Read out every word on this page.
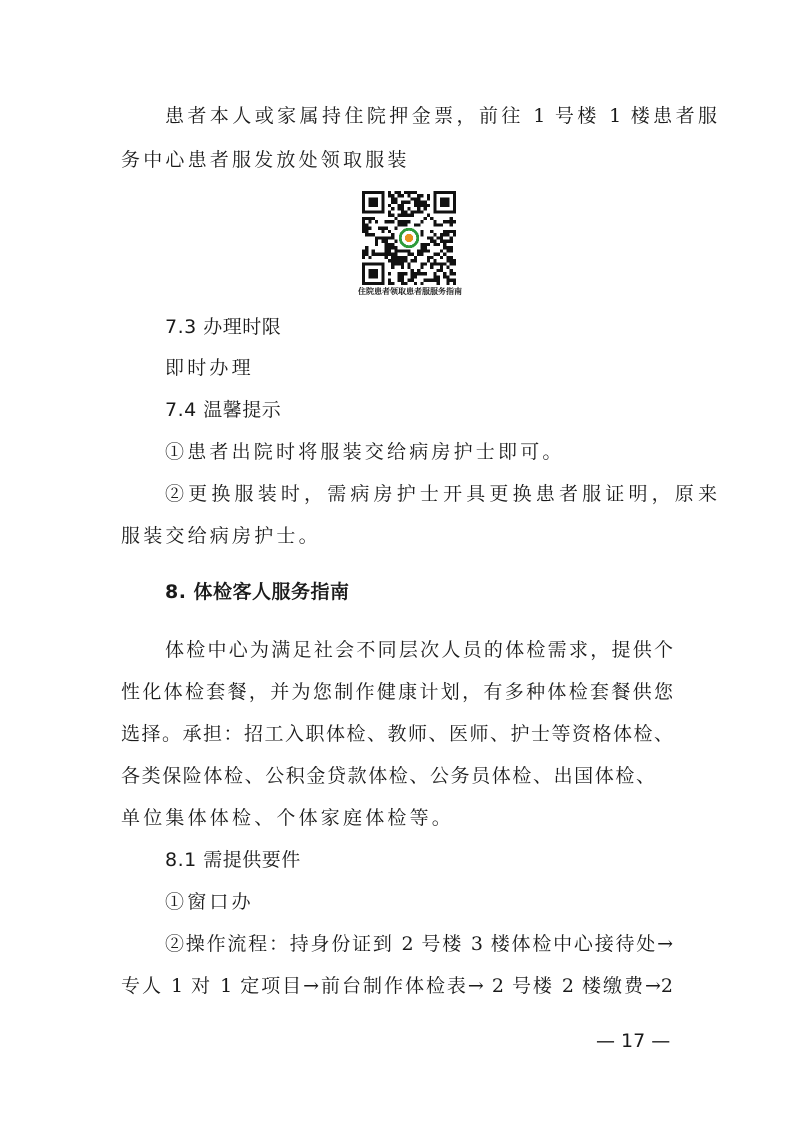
患者本人或家属持住院押金票，前往 1 号楼 1 楼患者服
务中心患者服发放处领取服装
住院患者领取患者服服务指南
7.3 办理时限
即时办理
7.4 温馨提示
①患者出院时将服装交给病房护士即可。
②更换服装时，需病房护士开具更换患者服证明，原来
服装交给病房护士。
8. 体检客人服务指南
体检中心为满足社会不同层次人员的体检需求，提供个
性化体检套餐，并为您制作健康计划，有多种体检套餐供您
选择。承担：招工入职体检、教师、医师、护士等资格体检、
各类保险体检、公积金贷款体检、公务员体检、出国体检、
单位集体体检、个体家庭体检等。
8.1 需提供要件
①窗口办
②操作流程：持身份证到 2 号楼 3 楼体检中心接待处→
专人 1 对 1 定项目→前台制作体检表→ 2 号楼 2 楼缴费→2
— 17 —
